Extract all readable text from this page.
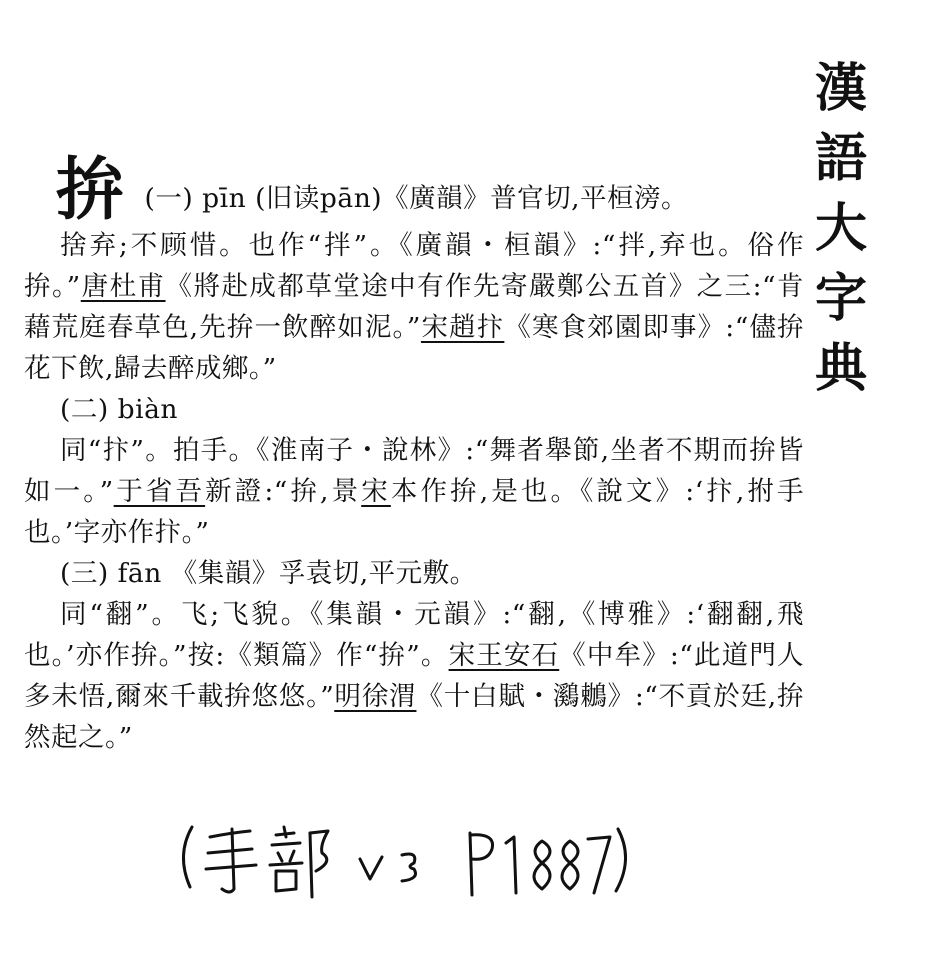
漢
語
大
字
典
拚 (一) pīn (旧读pān)《廣韻》普官切,平桓滂。

捨弃;不顾惜。也作“拌”。《廣韻・桓韻》:“拌,弃也。俗作拚。”唐杜甫《將赴成都草堂途中有作先寄嚴鄭公五首》之三:“肯藉荒庭春草色,先拚一飲醉如泥。”宋趙抃《寒食郊園即事》:“儘拚花下飲,歸去醉成鄉。”

(二) biàn

同“抃”。拍手。《淮南子・說林》:“舞者舉節,坐者不期而拚皆如一。”于省吾新證:“拚,景宋本作拚,是也。《說文》:‘抃,拊手也。’字亦作抃。”

(三) fān 《集韻》孚袁切,平元敷。

同“翻”。飞;飞貌。《集韻・元韻》:“翻,《博雅》:‘翻翻,飛也。’亦作拚。”按:《類篇》作“拚”。宋王安石《中牟》:“此道門人多未悟,爾來千載拚悠悠。”明徐渭《十白賦・鸂鶒》:“不貢於廷,拚然起之。”
